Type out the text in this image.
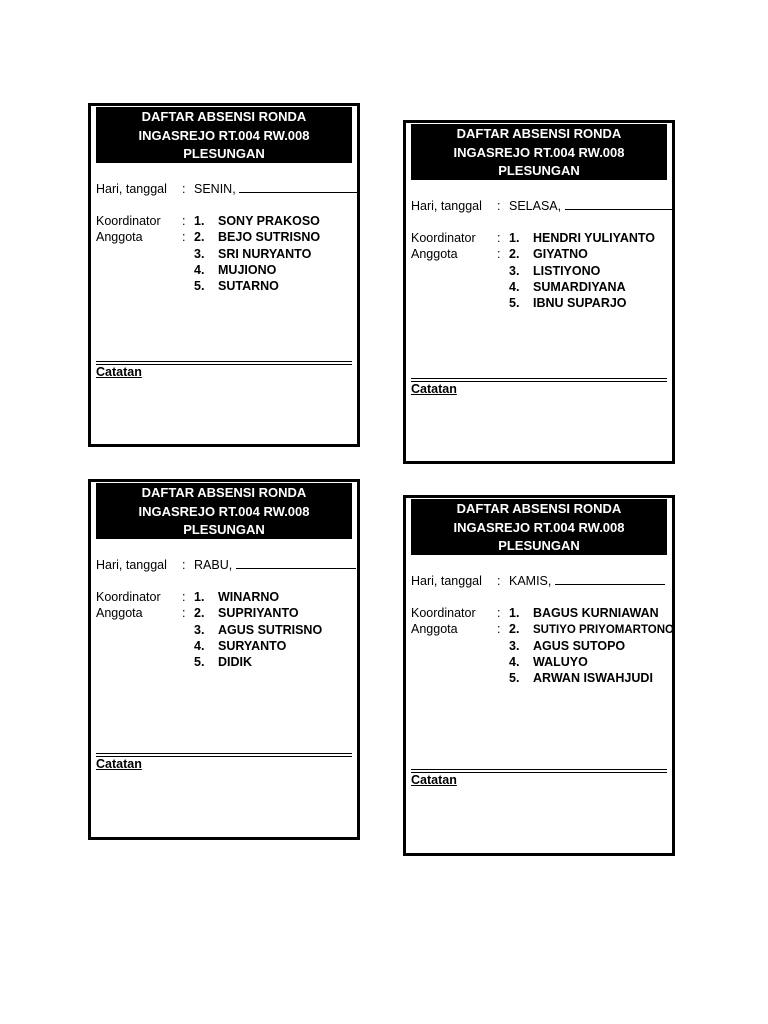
DAFTAR ABSENSI RONDA
INGASREJO RT.004 RW.008
PLESUNGAN
Hari, tanggal : SENIN,
Koordinator : 1. SONY PRAKOSO
Anggota	: 2. BEJO SUTRISNO
3. SRI NURYANTO
4. MUJIONO
5. SUTARNO
Catatan
DAFTAR ABSENSI RONDA
INGASREJO RT.004 RW.008
PLESUNGAN
Hari, tanggal : SELASA,
Koordinator : 1. HENDRI YULIYANTO
Anggota	: 2. GIYATNO
3. LISTIYONO
4. SUMARDIYANA
5. IBNU SUPARJO
Catatan
DAFTAR ABSENSI RONDA
INGASREJO RT.004 RW.008
PLESUNGAN
Hari, tanggal : RABU,
Koordinator : 1. WINARNO
Anggota	: 2. SUPRIYANTO
3. AGUS SUTRISNO
4. SURYANTO
5. DIDIK
Catatan
DAFTAR ABSENSI RONDA
INGASREJO RT.004 RW.008
PLESUNGAN
Hari, tanggal : KAMIS,
Koordinator : 1. BAGUS KURNIAWAN
Anggota	: 2. SUTIYO PRIYOMARTONO
3. AGUS SUTOPO
4. WALUYO
5. ARWAN ISWAHJUDI
Catatan
